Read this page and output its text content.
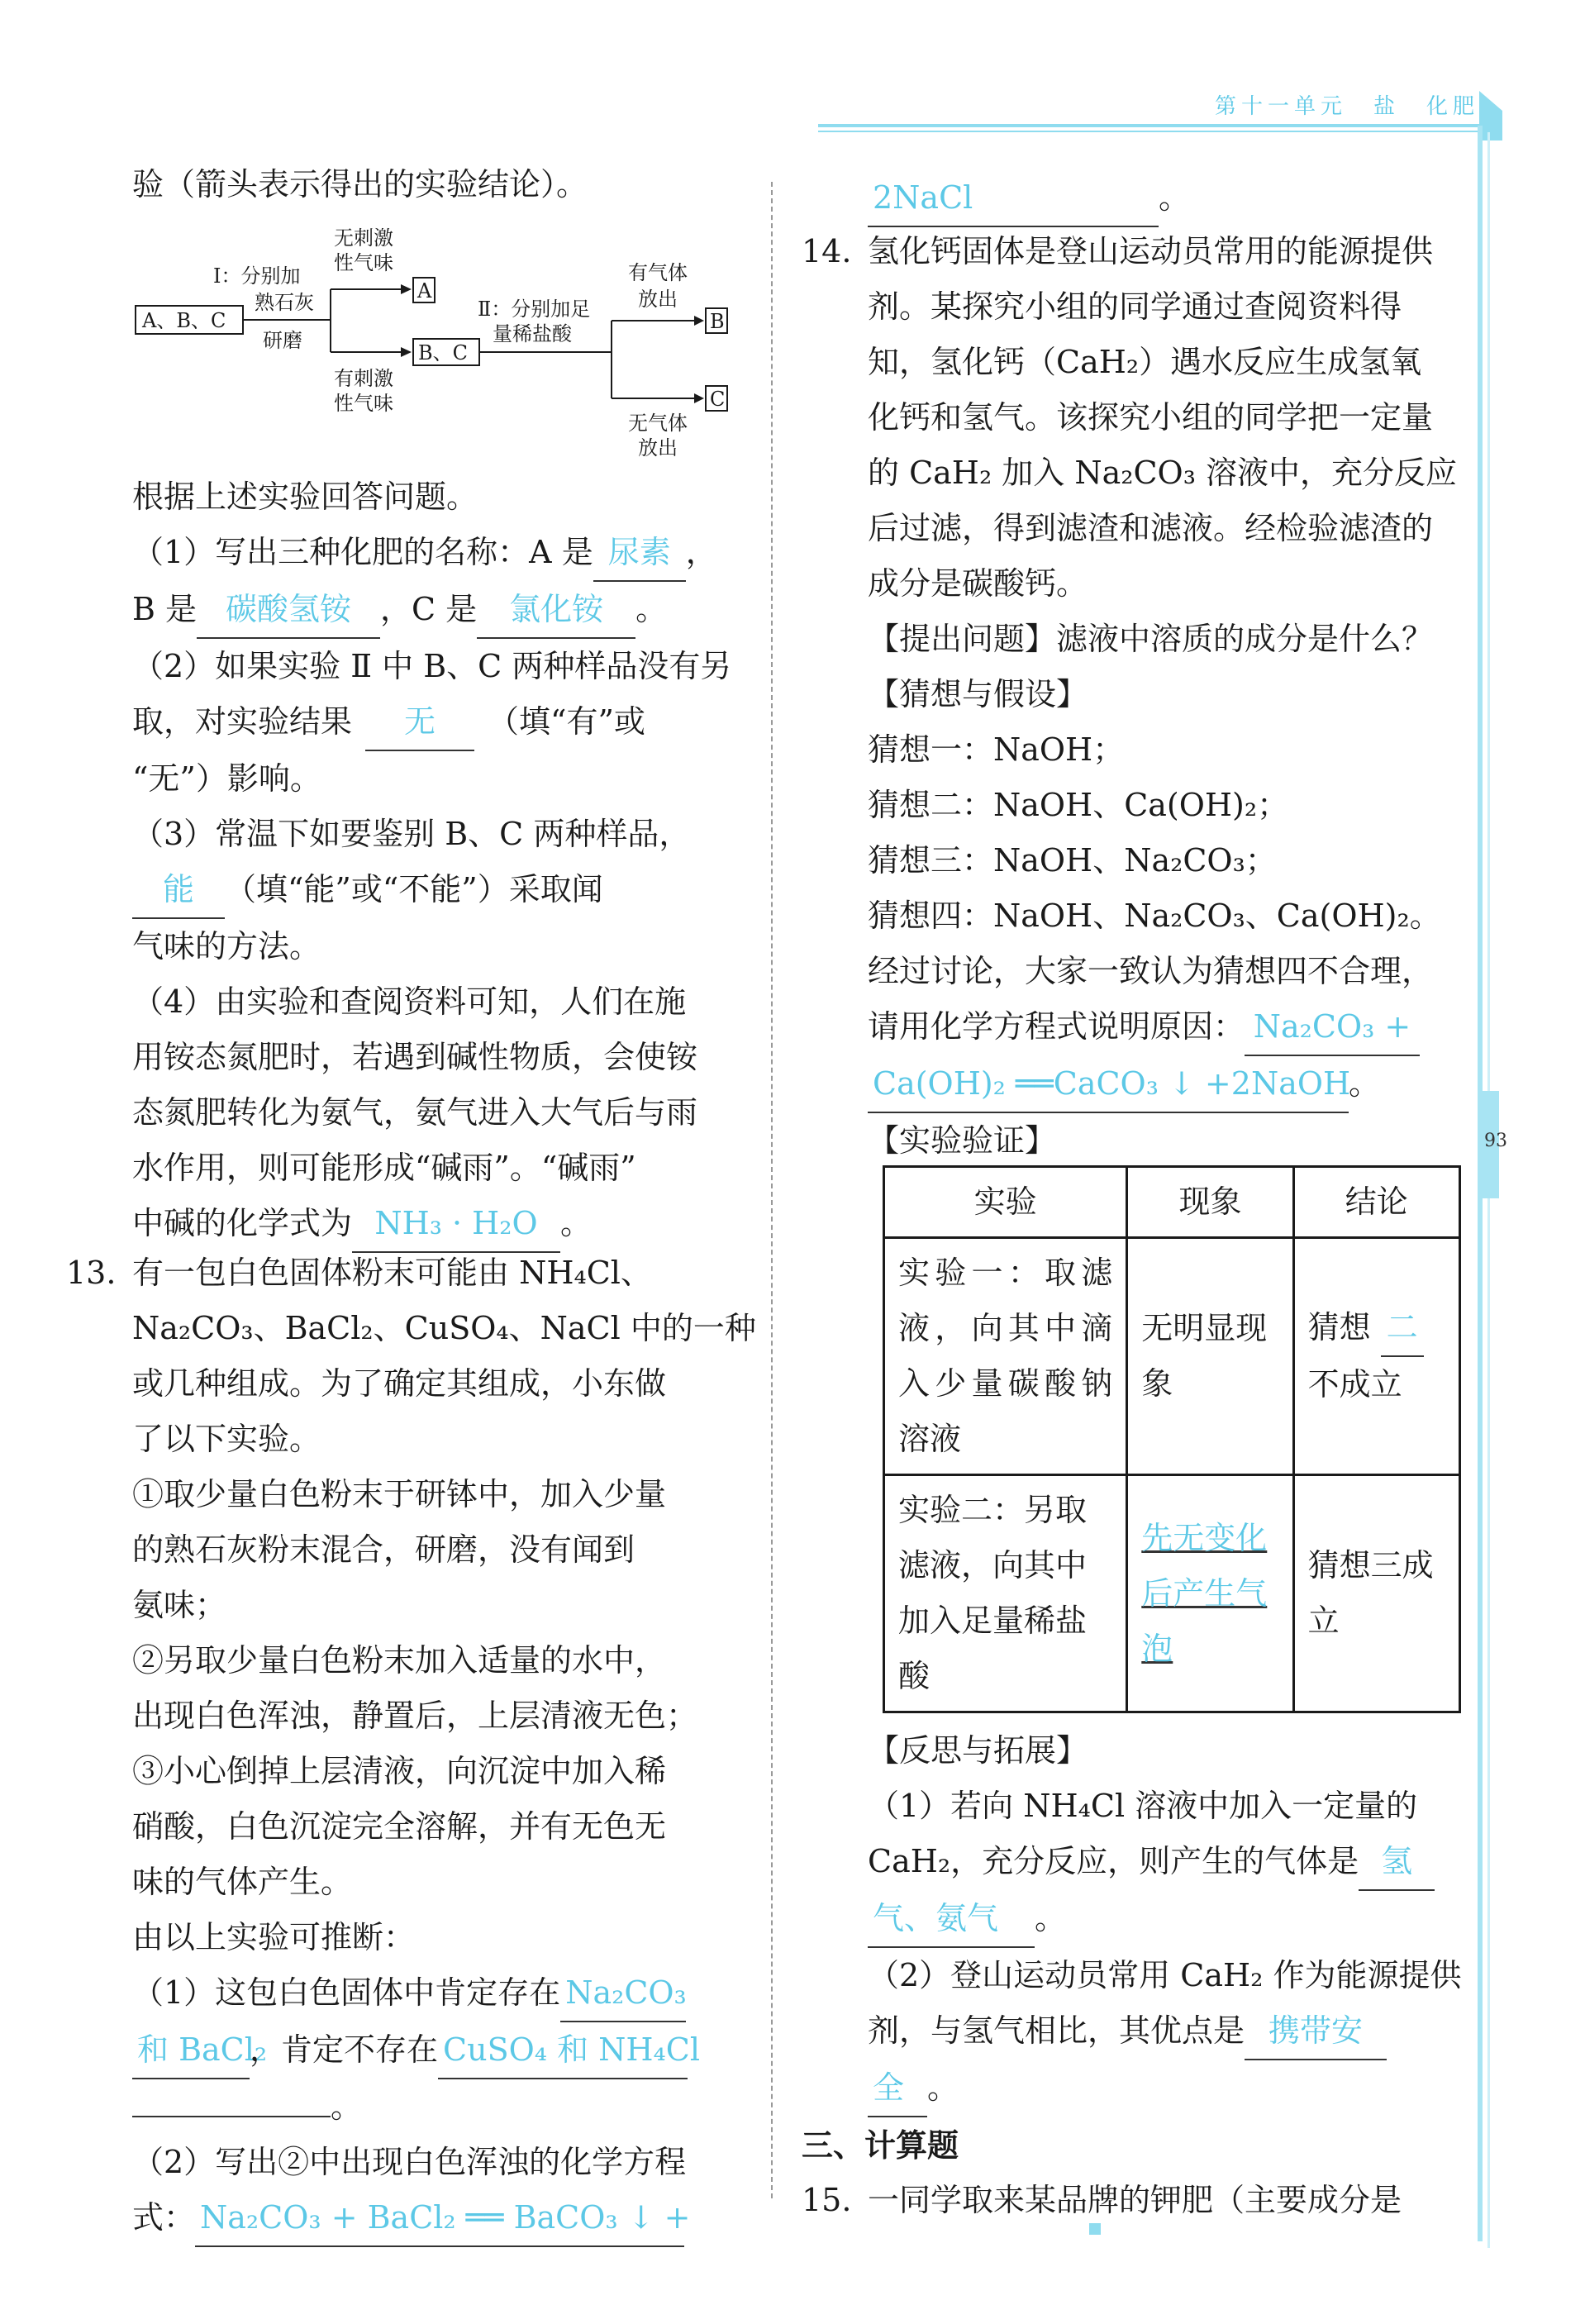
第十一单元　盐　化肥
93

验（箭头表示得出的实验结论）。

A、B、C
Ⅰ：分别加
熟石灰
研磨
无刺激
性气味
有刺激
性气味
A
B、C
Ⅱ：分别加足
量稀盐酸
有气体
放出
无气体
放出
B
C

根据上述实验回答问题。

（1）写出三种化肥的名称：A 是 尿素 ，

B 是 碳酸氢铵 ，C 是 氯化铵 。

（2）如果实验 Ⅱ 中 B、C 两种样品没有另

取，对实验结果 无 （填“有”或

“无”）影响。

（3）常温下如要鉴别 B、C 两种样品，

能 （填“能”或“不能”）采取闻

气味的方法。

（4）由实验和查阅资料可知，人们在施

用铵态氮肥时，若遇到碱性物质，会使铵

态氮肥转化为氨气，氨气进入大气后与雨

水作用，则可能形成“碱雨”。“碱雨”

中碱的化学式为 NH₃ · H₂O 。

13. 有一包白色固体粉末可能由 NH₄Cl、

Na₂CO₃、BaCl₂、CuSO₄、NaCl 中的一种

或几种组成。为了确定其组成，小东做

了以下实验。

①取少量白色粉末于研钵中，加入少量

的熟石灰粉末混合，研磨，没有闻到

氨味；

②另取少量白色粉末加入适量的水中，

出现白色浑浊，静置后，上层清液无色；

③小心倒掉上层清液，向沉淀中加入稀

硝酸，白色沉淀完全溶解，并有无色无

味的气体产生。

由以上实验可推断：

（1）这包白色固体中肯定存在 Na₂CO₃

和 BaCl₂，肯定不存在 CuSO₄ 和 NH₄Cl

。

（2）写出②中出现白色浑浊的化学方程

式： Na₂CO₃ + BaCl₂ ══ BaCO₃ ↓ +

2NaCl	。

14. 氢化钙固体是登山运动员常用的能源提供

剂。某探究小组的同学通过查阅资料得

知，氢化钙（CaH₂）遇水反应生成氢氧

化钙和氢气。该探究小组的同学把一定量

的 CaH₂ 加入 Na₂CO₃ 溶液中，充分反应

后过滤，得到滤渣和滤液。经检验滤渣的

成分是碳酸钙。

【提出问题】滤液中溶质的成分是什么？

【猜想与假设】

猜想一：NaOH；

猜想二：NaOH、Ca(OH)₂；

猜想三：NaOH、Na₂CO₃；

猜想四：NaOH、Na₂CO₃、Ca(OH)₂。

经过讨论，大家一致认为猜想四不合理，

请用化学方程式说明原因： Na₂CO₃ +

Ca(OH)₂ ══CaCO₃ ↓ +2NaOH。

【实验验证】

实验	现象	结论
实验一：取滤液，向其中滴入少量碳酸钠溶液	无明显现象	猜想 二
不成立
实验二：另取滤液，向其中加入足量稀盐酸	先无变化后产生气泡	猜想三成立

【反思与拓展】

（1）若向 NH₄Cl 溶液中加入一定量的

CaH₂，充分反应，则产生的气体是 氢

气、氨气 。

（2）登山运动员常用 CaH₂ 作为能源提供

剂，与氢气相比，其优点是 携带安

全 。

三、计算题

15. 一同学取来某品牌的钾肥（主要成分是
